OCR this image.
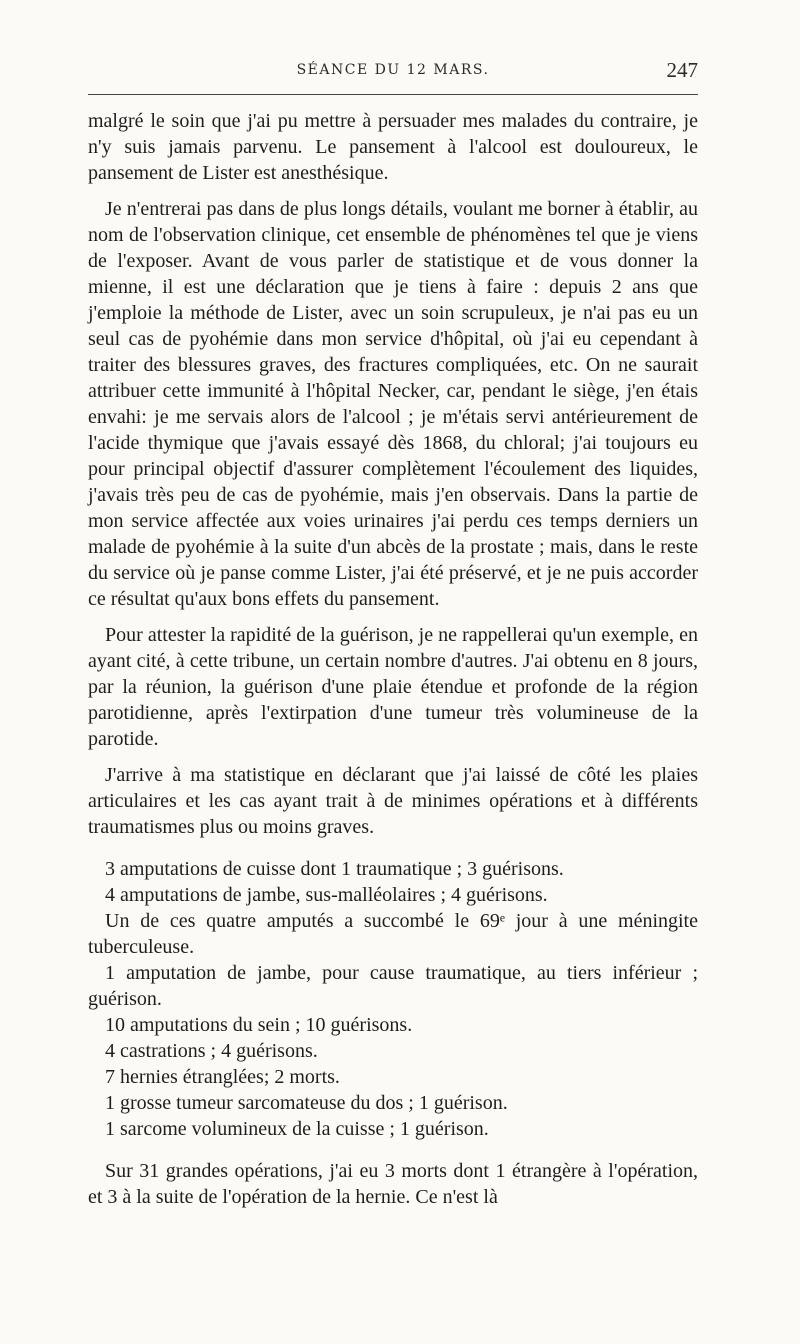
SÉANCE DU 12 MARS.	247

malgré le soin que j'ai pu mettre à persuader mes malades du contraire, je n'y suis jamais parvenu. Le pansement à l'alcool est douloureux, le pansement de Lister est anesthésique.

Je n'entrerai pas dans de plus longs détails, voulant me borner à établir, au nom de l'observation clinique, cet ensemble de phénomènes tel que je viens de l'exposer. Avant de vous parler de statistique et de vous donner la mienne, il est une déclaration que je tiens à faire : depuis 2 ans que j'emploie la méthode de Lister, avec un soin scrupuleux, je n'ai pas eu un seul cas de pyohémie dans mon service d'hôpital, où j'ai eu cependant à traiter des blessures graves, des fractures compliquées, etc. On ne saurait attribuer cette immunité à l'hôpital Necker, car, pendant le siège, j'en étais envahi: je me servais alors de l'alcool ; je m'étais servi antérieurement de l'acide thymique que j'avais essayé dès 1868, du chloral; j'ai toujours eu pour principal objectif d'assurer complètement l'écoulement des liquides, j'avais très peu de cas de pyohémie, mais j'en observais. Dans la partie de mon service affectée aux voies urinaires j'ai perdu ces temps derniers un malade de pyohémie à la suite d'un abcès de la prostate ; mais, dans le reste du service où je panse comme Lister, j'ai été préservé, et je ne puis accorder ce résultat qu'aux bons effets du pansement.

Pour attester la rapidité de la guérison, je ne rappellerai qu'un exemple, en ayant cité, à cette tribune, un certain nombre d'autres. J'ai obtenu en 8 jours, par la réunion, la guérison d'une plaie étendue et profonde de la région parotidienne, après l'extirpation d'une tumeur très volumineuse de la parotide.

J'arrive à ma statistique en déclarant que j'ai laissé de côté les plaies articulaires et les cas ayant trait à de minimes opérations et à différents traumatismes plus ou moins graves.

3 amputations de cuisse dont 1 traumatique ; 3 guérisons.

4 amputations de jambe, sus-malléolaires ; 4 guérisons.

Un de ces quatre amputés a succombé le 69ᵉ jour à une méningite tuberculeuse.

1 amputation de jambe, pour cause traumatique, au tiers inférieur ; guérison.

10 amputations du sein ; 10 guérisons.

4 castrations ; 4 guérisons.

7 hernies étranglées; 2 morts.

1 grosse tumeur sarcomateuse du dos ; 1 guérison.

1 sarcome volumineux de la cuisse ; 1 guérison.

Sur 31 grandes opérations, j'ai eu 3 morts dont 1 étrangère à l'opération, et 3 à la suite de l'opération de la hernie. Ce n'est là
